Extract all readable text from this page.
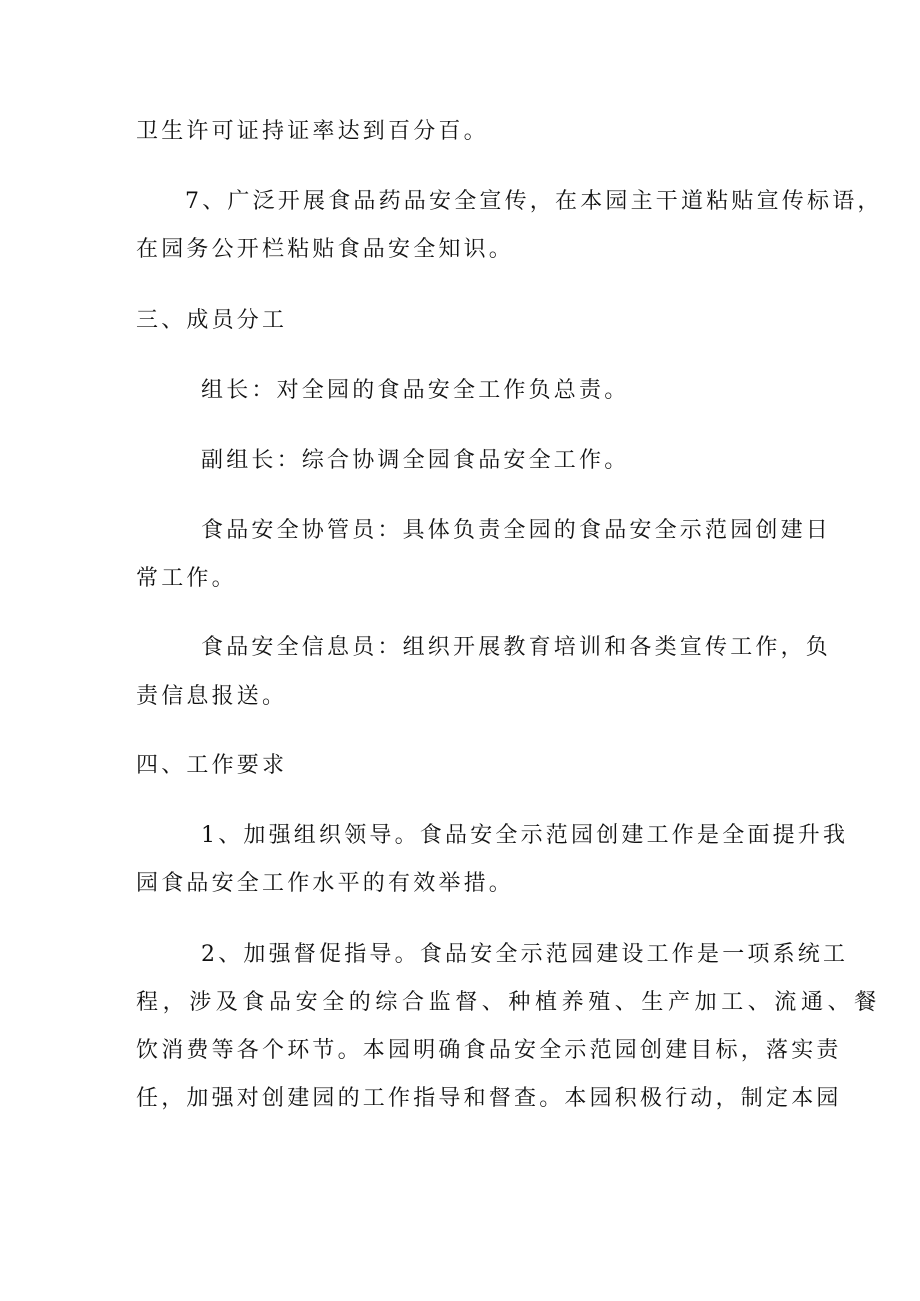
卫生许可证持证率达到百分百。
7、广泛开展食品药品安全宣传，在本园主干道粘贴宣传标语，
在园务公开栏粘贴食品安全知识。
三、成员分工
组长：对全园的食品安全工作负总责。
副组长：综合协调全园食品安全工作。
食品安全协管员：具体负责全园的食品安全示范园创建日
常工作。
食品安全信息员：组织开展教育培训和各类宣传工作，负
责信息报送。
四、工作要求
1、加强组织领导。食品安全示范园创建工作是全面提升我
园食品安全工作水平的有效举措。
2、加强督促指导。食品安全示范园建设工作是一项系统工
程，涉及食品安全的综合监督、种植养殖、生产加工、流通、餐
饮消费等各个环节。本园明确食品安全示范园创建目标，落实责
任，加强对创建园的工作指导和督查。本园积极行动，制定本园
